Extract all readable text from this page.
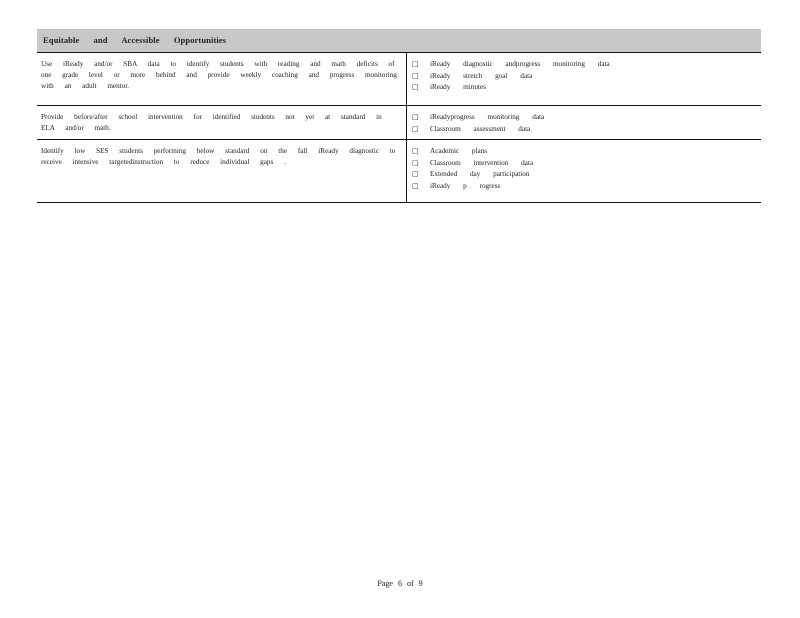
Equitable and Accessible Opportunities
Use iReady and/or SBA data to identify students with reading and math deficits of one grade level or more behind and provide weekly coaching and progress monitoring with an adult mentor.
□	iReady diagnostic andprogress monitoring data
□	iReady stretch goal data
□	iReady minutes
Provide before/after school intervention for identified students not yet at standard in ELA and/or math.
□	iReadyprogress monitoring data
□	Classroom assessment data
Identify low SES students performing below standard on the fall iReady diagnostic to receive intensive targetedinstruction to reduce individual gaps .
□	Academic plans
□	Classroom intervention data
□	Extended day participation
□	iReady p rogress
Page 6 of 9
